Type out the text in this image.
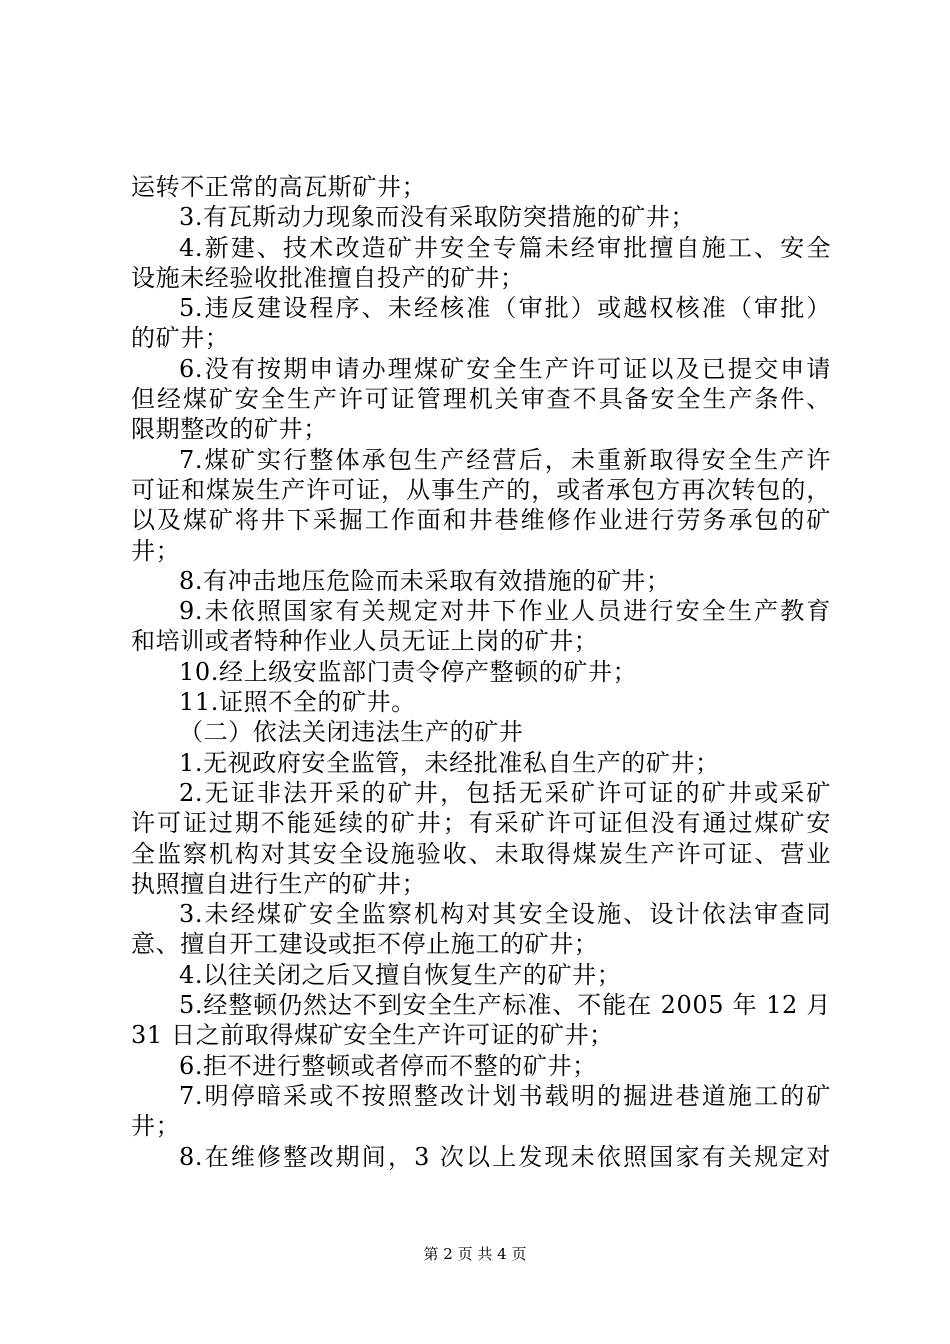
运转不正常的高瓦斯矿井；
3.有瓦斯动力现象而没有采取防突措施的矿井；
4.新建、技术改造矿井安全专篇未经审批擅自施工、安全
设施未经验收批准擅自投产的矿井；
5.违反建设程序、未经核准（审批）或越权核准（审批）
的矿井；
6.没有按期申请办理煤矿安全生产许可证以及已提交申请
但经煤矿安全生产许可证管理机关审查不具备安全生产条件、
限期整改的矿井；
7.煤矿实行整体承包生产经营后，未重新取得安全生产许
可证和煤炭生产许可证，从事生产的，或者承包方再次转包的，
以及煤矿将井下采掘工作面和井巷维修作业进行劳务承包的矿
井；
8.有冲击地压危险而未采取有效措施的矿井；
9.未依照国家有关规定对井下作业人员进行安全生产教育
和培训或者特种作业人员无证上岗的矿井；
10.经上级安监部门责令停产整顿的矿井；
11.证照不全的矿井。
（二）依法关闭违法生产的矿井
1.无视政府安全监管，未经批准私自生产的矿井；
2.无证非法开采的矿井，包括无采矿许可证的矿井或采矿
许可证过期不能延续的矿井；有采矿许可证但没有通过煤矿安
全监察机构对其安全设施验收、未取得煤炭生产许可证、营业
执照擅自进行生产的矿井；
3.未经煤矿安全监察机构对其安全设施、设计依法审查同
意、擅自开工建设或拒不停止施工的矿井；
4.以往关闭之后又擅自恢复生产的矿井；
5.经整顿仍然达不到安全生产标准、不能在 2005 年 12 月
31 日之前取得煤矿安全生产许可证的矿井；
6.拒不进行整顿或者停而不整的矿井；
7.明停暗采或不按照整改计划书载明的掘进巷道施工的矿
井；
8.在维修整改期间，3 次以上发现未依照国家有关规定对
第 2 页 共 4 页
